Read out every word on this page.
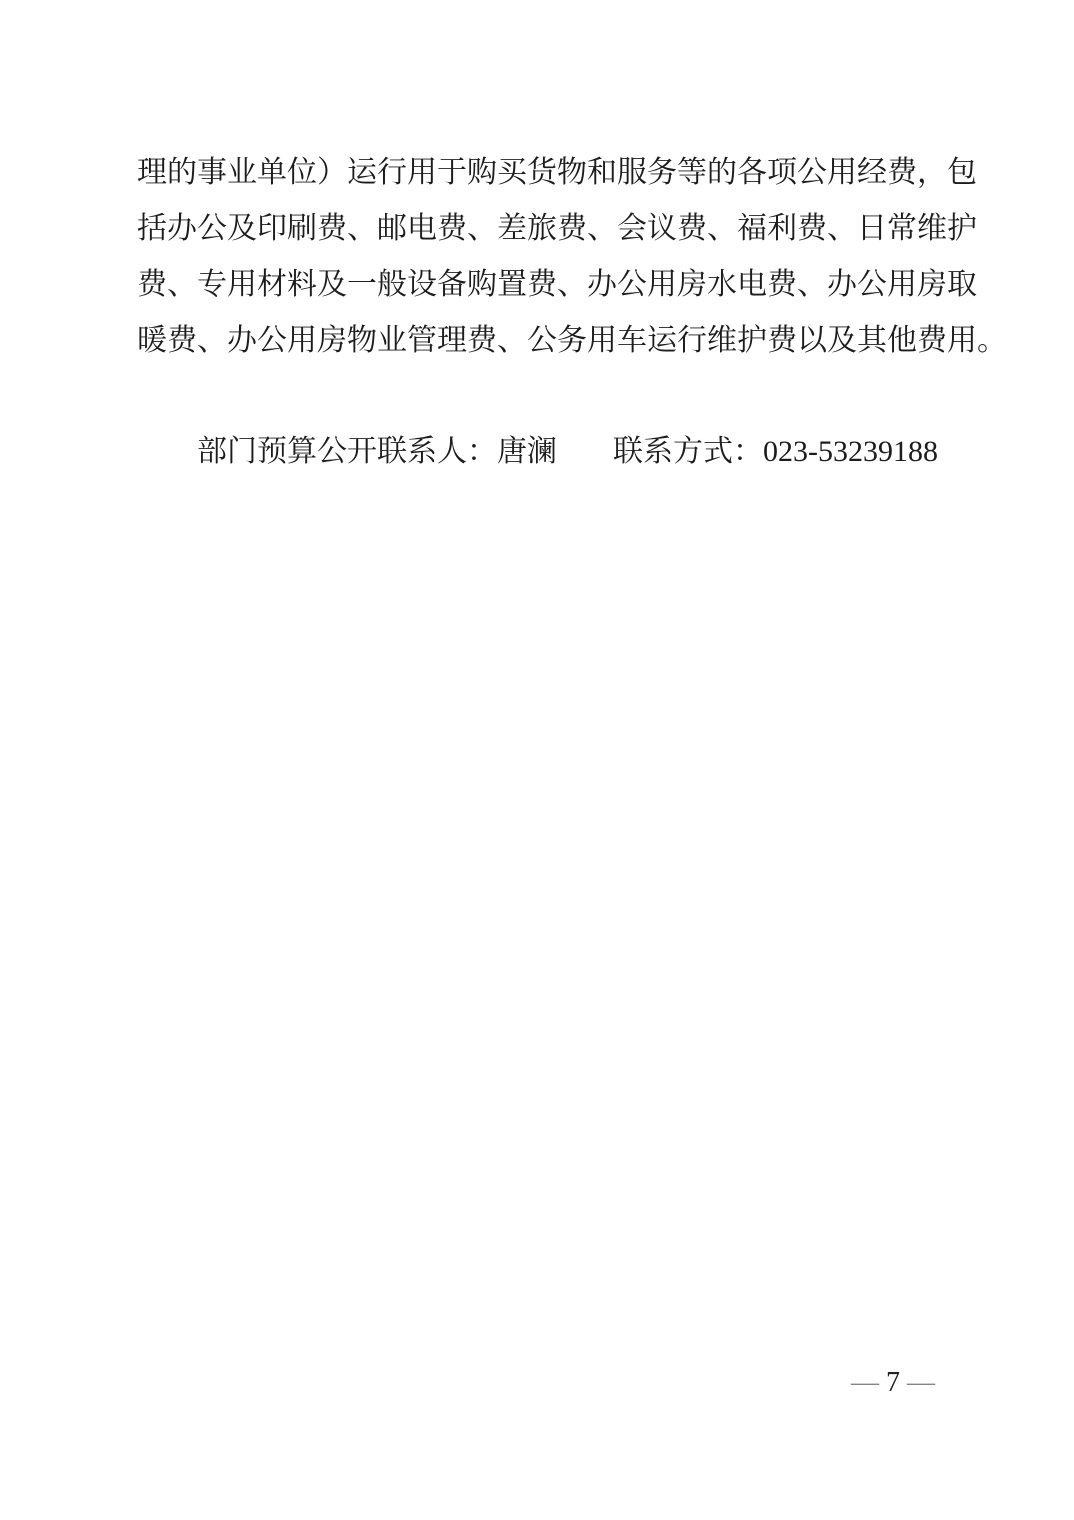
理的事业单位）运行用于购买货物和服务等的各项公用经费，包
括办公及印刷费、邮电费、差旅费、会议费、福利费、日常维护
费、专用材料及一般设备购置费、办公用房水电费、办公用房取
暖费、办公用房物业管理费、公务用车运行维护费以及其他费用。
部门预算公开联系人：唐澜 联系方式：023-53239188
— 7 —
